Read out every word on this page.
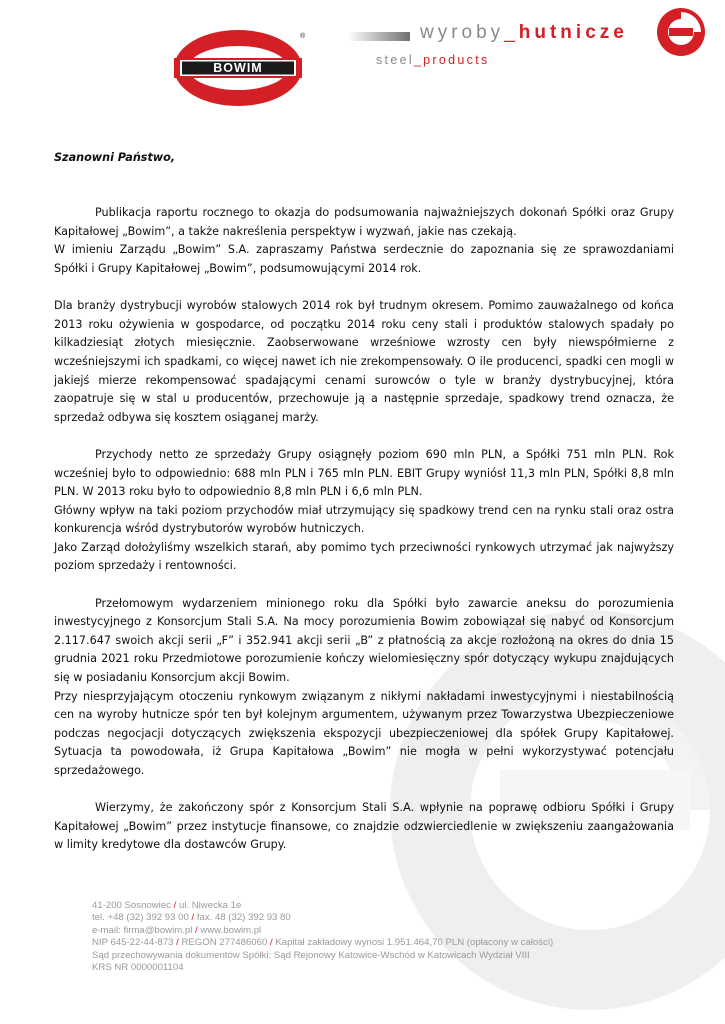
BOWIM
®	wyroby_hutnicze
steel_products

Szanowni Państwo,

Publikacja raportu rocznego to okazja do podsumowania najważniejszych dokonań Spółki oraz Grupy Kapitałowej „Bowim”, a także nakreślenia perspektyw i wyzwań, jakie nas czekają.

W imieniu Zarządu „Bowim” S.A. zapraszamy Państwa serdecznie do zapoznania się ze sprawozdaniami Spółki i Grupy Kapitałowej „Bowim”, podsumowującymi 2014 rok.

Dla branży dystrybucji wyrobów stalowych 2014 rok był trudnym okresem. Pomimo zauważalnego od końca 2013 roku ożywienia w gospodarce, od początku 2014 roku ceny stali i produktów stalowych spadały po kilkadziesiąt złotych miesięcznie. Zaobserwowane wrześniowe wzrosty cen były niewspółmierne z wcześniejszymi ich spadkami, co więcej nawet ich nie zrekompensowały. O ile producenci, spadki cen mogli w jakiejś mierze rekompensować spadającymi cenami surowców o tyle w branży dystrybucyjnej, która zaopatruje się w stal u producentów, przechowuje ją a następnie sprzedaje, spadkowy trend oznacza, że sprzedaż odbywa się kosztem osiąganej marży.

Przychody netto ze sprzedaży Grupy osiągnęły poziom 690 mln PLN, a Spółki 751 mln PLN. Rok wcześniej było to odpowiednio: 688 mln PLN i 765 mln PLN. EBIT Grupy wyniósł 11,3 mln PLN, Spółki 8,8 mln PLN. W 2013 roku było to odpowiednio 8,8 mln PLN i 6,6 mln PLN.

Główny wpływ na taki poziom przychodów miał utrzymujący się spadkowy trend cen na rynku stali oraz ostra konkurencja wśród dystrybutorów wyrobów hutniczych.

Jako Zarząd dołożyliśmy wszelkich starań, aby pomimo tych przeciwności rynkowych utrzymać jak najwyższy poziom sprzedaży i rentowności.

Przełomowym wydarzeniem minionego roku dla Spółki było zawarcie aneksu do porozumienia inwestycyjnego z Konsorcjum Stali S.A. Na mocy porozumienia Bowim zobowiązał się nabyć od Konsorcjum 2.117.647 swoich akcji serii „F” i 352.941 akcji serii „B” z płatnością za akcje rozłożoną na okres do dnia 15 grudnia 2021 roku Przedmiotowe porozumienie kończy wielomiesięczny spór dotyczący wykupu znajdujących się w posiadaniu Konsorcjum akcji Bowim.

Przy niesprzyjającym otoczeniu rynkowym związanym z nikłymi nakładami inwestycyjnymi i niestabilnością cen na wyroby hutnicze spór ten był kolejnym argumentem, używanym przez Towarzystwa Ubezpieczeniowe podczas negocjacji dotyczących zwiększenia ekspozycji ubezpieczeniowej dla spółek Grupy Kapitałowej. Sytuacja ta powodowała, iż Grupa Kapitałowa „Bowim” nie mogła w pełni wykorzystywać potencjału sprzedażowego.

Wierzymy, że zakończony spór z Konsorcjum Stali S.A. wpłynie na poprawę odbioru Spółki i Grupy Kapitałowej „Bowim” przez instytucje finansowe, co znajdzie odzwierciedlenie w zwiększeniu zaangażowania w limity kredytowe dla dostawców Grupy.

41-200 Sosnowiec / ul. Niwecka 1e
tel. +48 (32) 392 93 00 / fax. 48 (32) 392 93 80
e-mail: firma@bowim.pl / www.bowim.pl
NIP 645-22-44-873 / REGON 277486060 / Kapitał zakładowy wynosi 1.951.464,70 PLN (opłacony w całości)
Sąd przechowywania dokumentów Spółki: Sąd Rejonowy Katowice-Wschód w Katowicach Wydział VIII
KRS NR 0000001104
